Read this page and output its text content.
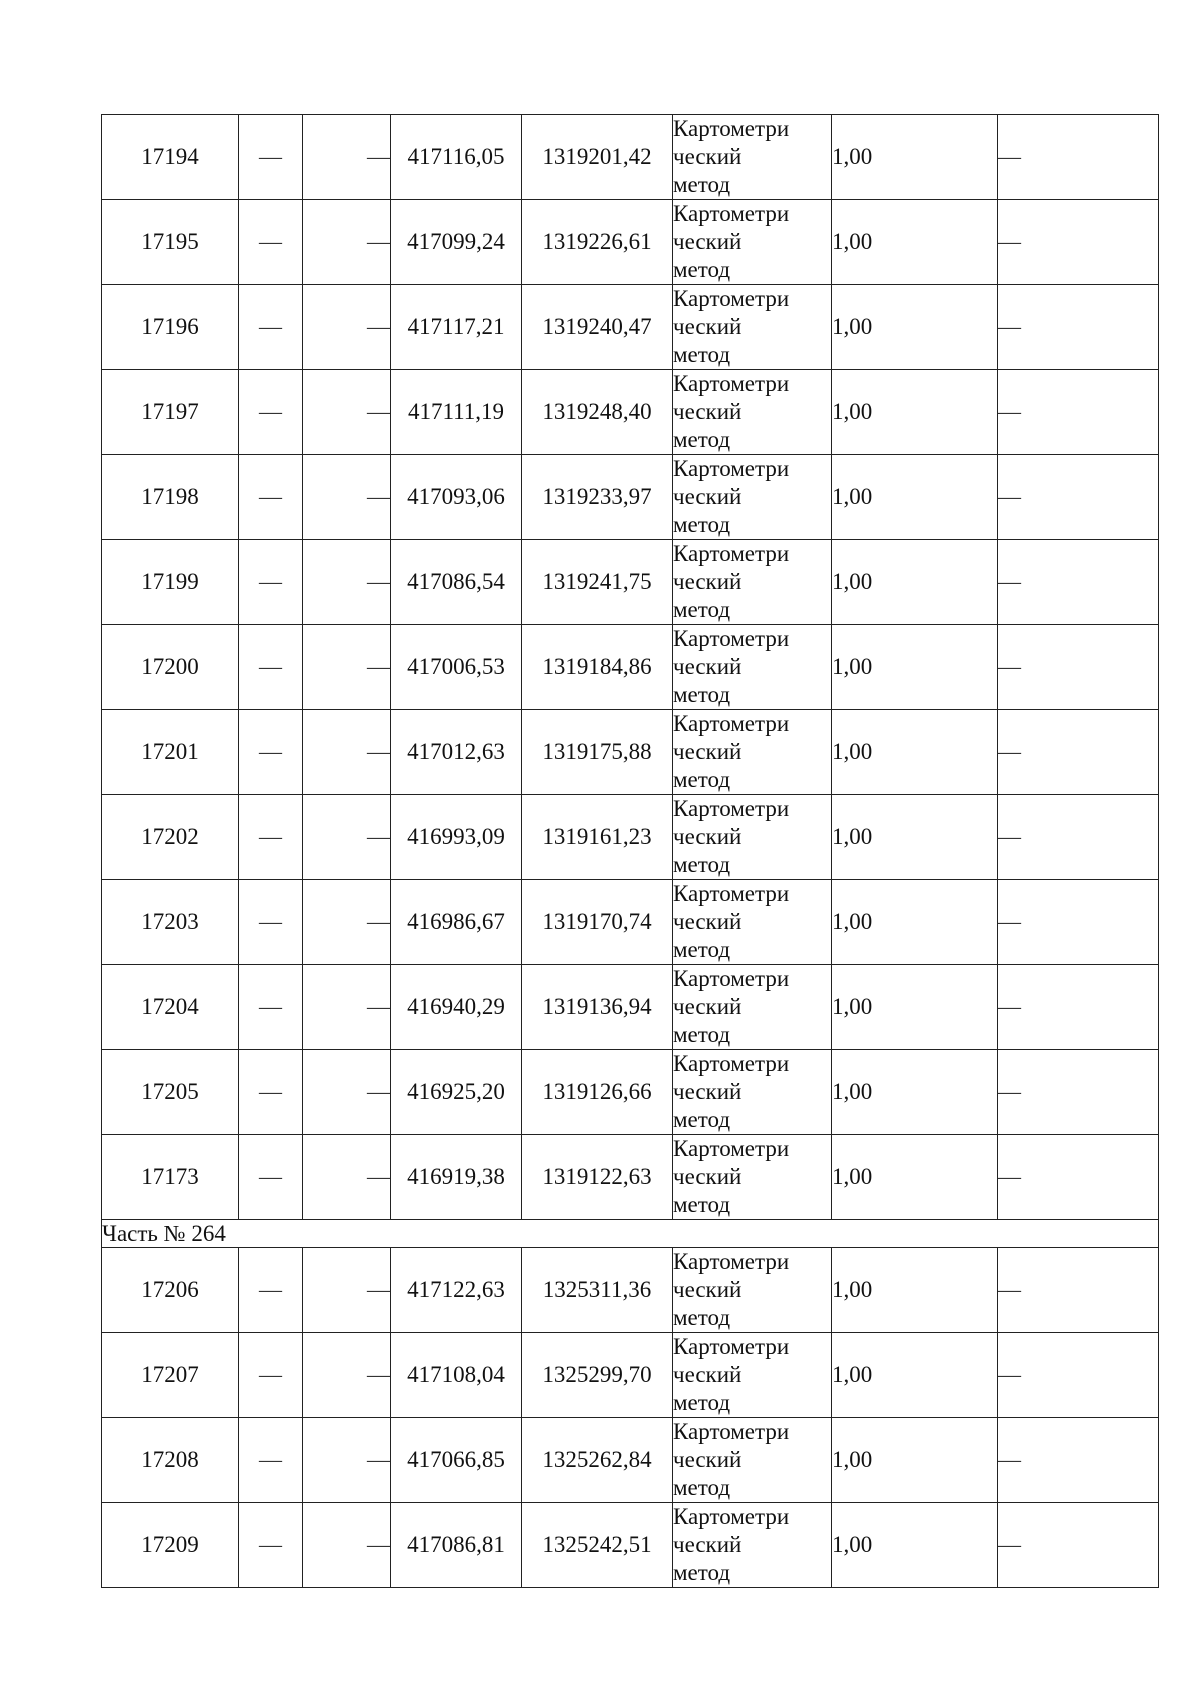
17194	—	—	417116,05	1319201,42	Картометри
ческий
метод	1,00	—
17195	—	—	417099,24	1319226,61	Картометри
ческий
метод	1,00	—
17196	—	—	417117,21	1319240,47	Картометри
ческий
метод	1,00	—
17197	—	—	417111,19	1319248,40	Картометри
ческий
метод	1,00	—
17198	—	—	417093,06	1319233,97	Картометри
ческий
метод	1,00	—
17199	—	—	417086,54	1319241,75	Картометри
ческий
метод	1,00	—
17200	—	—	417006,53	1319184,86	Картометри
ческий
метод	1,00	—
17201	—	—	417012,63	1319175,88	Картометри
ческий
метод	1,00	—
17202	—	—	416993,09	1319161,23	Картометри
ческий
метод	1,00	—
17203	—	—	416986,67	1319170,74	Картометри
ческий
метод	1,00	—
17204	—	—	416940,29	1319136,94	Картометри
ческий
метод	1,00	—
17205	—	—	416925,20	1319126,66	Картометри
ческий
метод	1,00	—
17173	—	—	416919,38	1319122,63	Картометри
ческий
метод	1,00	—
Часть № 264							
17206	—	—	417122,63	1325311,36	Картометри
ческий
метод	1,00	—
17207	—	—	417108,04	1325299,70	Картометри
ческий
метод	1,00	—
17208	—	—	417066,85	1325262,84	Картометри
ческий
метод	1,00	—
17209	—	—	417086,81	1325242,51	Картометри
ческий
метод	1,00	—
